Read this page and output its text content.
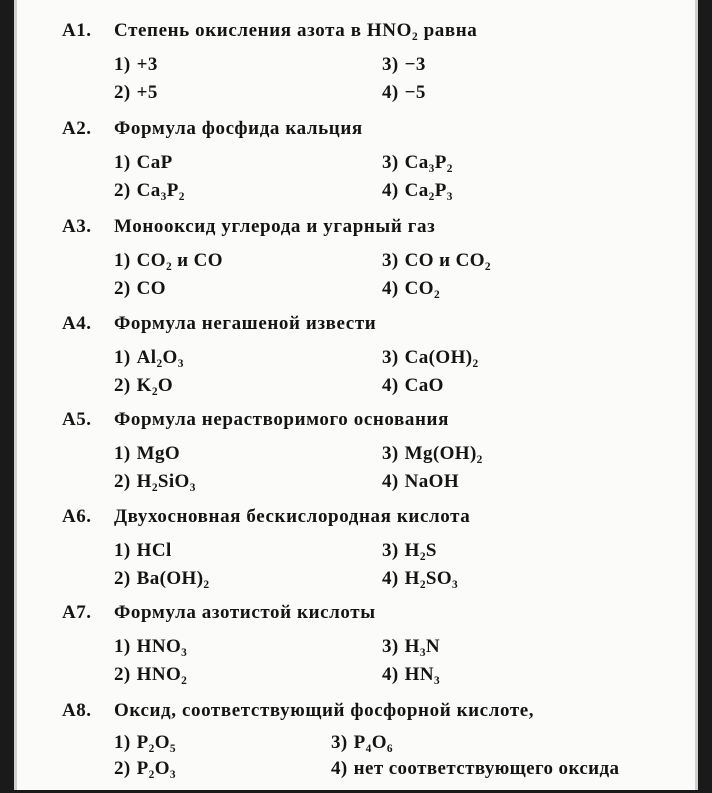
A1. Степень окисления азота в HNO₂ равна
1) +3	3) −3
2) +5	4) −5
A2. Формула фосфида кальция
1) CaP	3) Ca₃P₂
2) Ca₃P₂	4) Ca₂P₃
A3. Монооксид углерода и угарный газ
1) CO₂ и CO	3) CO и CO₂
2) CO	4) CO₂
A4. Формула негашеной извести
1) Al₂O₃	3) Ca(OH)₂
2) K₂O	4) CaO
A5. Формула нерастворимого основания
1) MgO	3) Mg(OH)₂
2) H₂SiO₃	4) NaOH
A6. Двухосновная бескислородная кислота
1) HCl	3) H₂S
2) Ba(OH)₂	4) H₂SO₃
A7. Формула азотистой кислоты
1) HNO₃	3) H₃N
2) HNO₂	4) HN₃
A8. Оксид, соответствующий фосфорной кислоте,
1) P₂O₅	3) P₄O₆
2) P₂O₃	4) нет соответствующего оксида
